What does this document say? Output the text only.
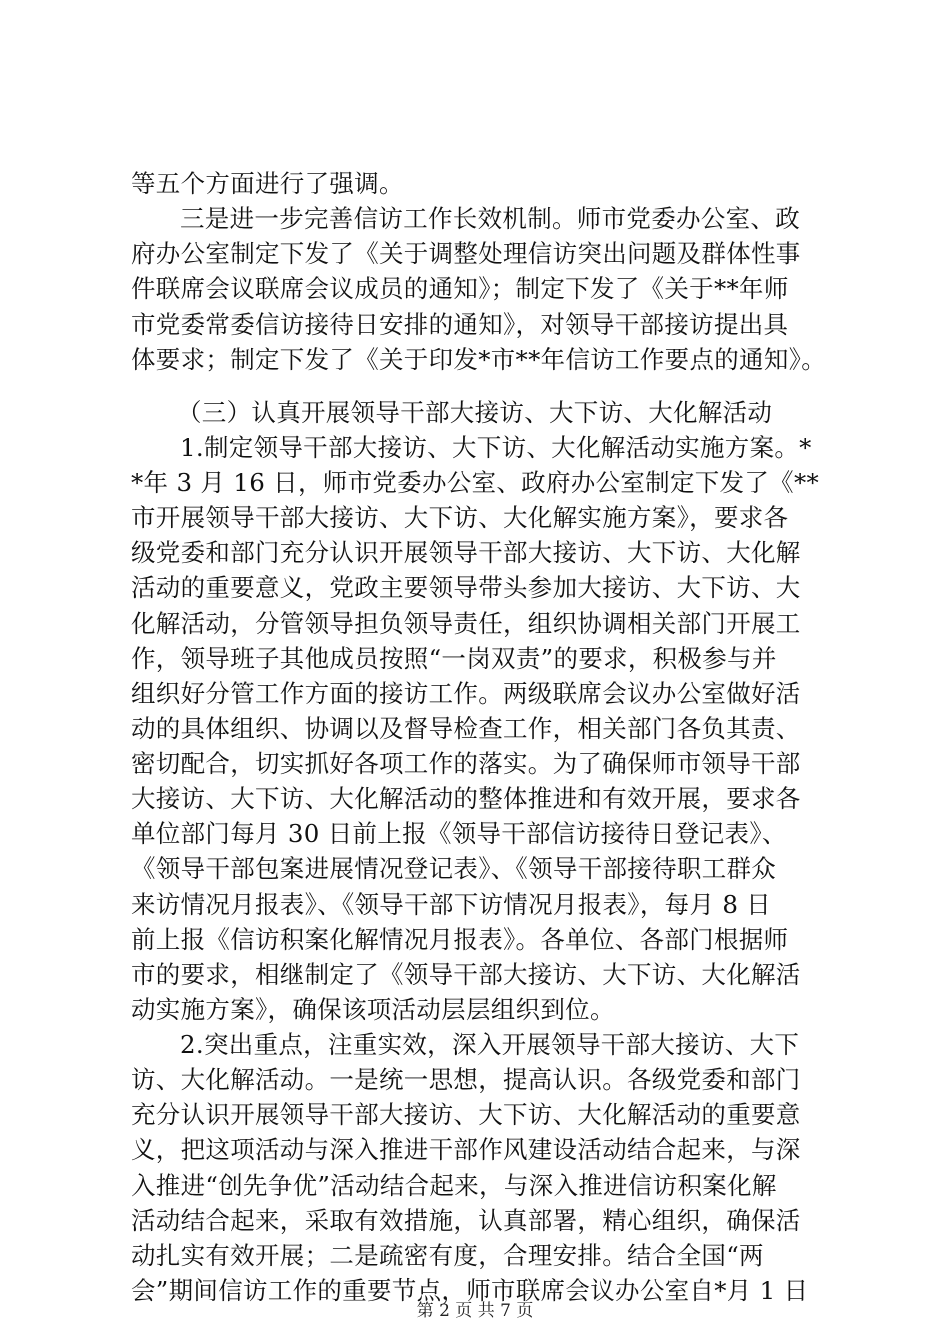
等五个方面进行了强调。
三是进一步完善信访工作长效机制。师市党委办公室、政
府办公室制定下发了《关于调整处理信访突出问题及群体性事
件联席会议联席会议成员的通知》；制定下发了《关于**年师
市党委常委信访接待日安排的通知》，对领导干部接访提出具
体要求；制定下发了《关于印发*市**年信访工作要点的通知》。
（三）认真开展领导干部大接访、大下访、大化解活动
1.制定领导干部大接访、大下访、大化解活动实施方案。*
*年 3 月 16 日，师市党委办公室、政府办公室制定下发了《**
市开展领导干部大接访、大下访、大化解实施方案》，要求各
级党委和部门充分认识开展领导干部大接访、大下访、大化解
活动的重要意义，党政主要领导带头参加大接访、大下访、大
化解活动，分管领导担负领导责任，组织协调相关部门开展工
作，领导班子其他成员按照“一岗双责”的要求，积极参与并
组织好分管工作方面的接访工作。两级联席会议办公室做好活
动的具体组织、协调以及督导检查工作，相关部门各负其责、
密切配合，切实抓好各项工作的落实。为了确保师市领导干部
大接访、大下访、大化解活动的整体推进和有效开展，要求各
单位部门每月 30 日前上报《领导干部信访接待日登记表》、
《领导干部包案进展情况登记表》、《领导干部接待职工群众
来访情况月报表》、《领导干部下访情况月报表》，每月 8 日
前上报《信访积案化解情况月报表》。各单位、各部门根据师
市的要求，相继制定了《领导干部大接访、大下访、大化解活
动实施方案》，确保该项活动层层组织到位。
2.突出重点，注重实效，深入开展领导干部大接访、大下
访、大化解活动。一是统一思想，提高认识。各级党委和部门
充分认识开展领导干部大接访、大下访、大化解活动的重要意
义，把这项活动与深入推进干部作风建设活动结合起来，与深
入推进“创先争优”活动结合起来，与深入推进信访积案化解
活动结合起来，采取有效措施，认真部署，精心组织，确保活
动扎实有效开展；二是疏密有度，合理安排。结合全国“两
会”期间信访工作的重要节点，师市联席会议办公室自*月 1 日
第 2 页 共 7 页
